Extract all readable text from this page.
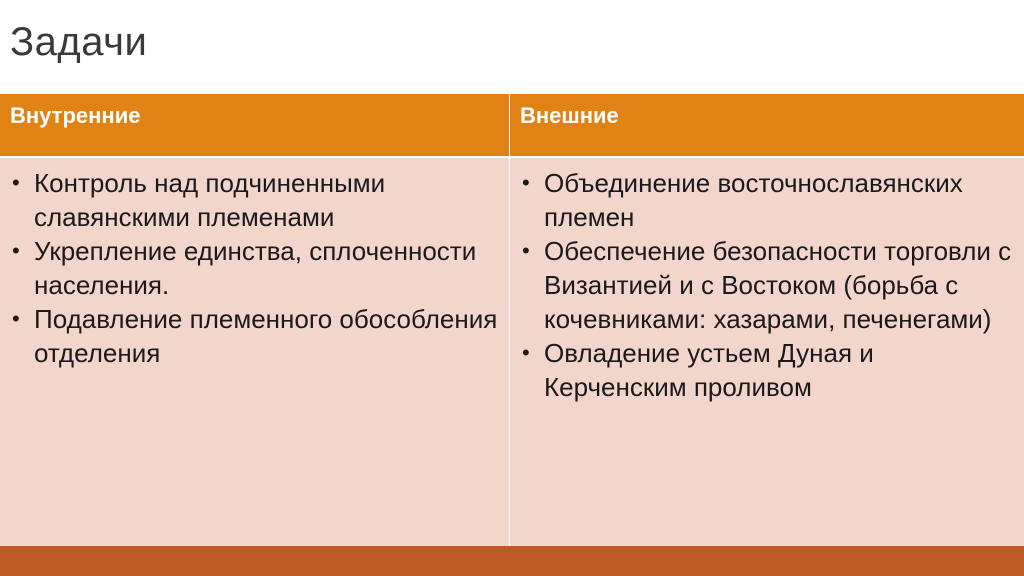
Задачи
Внутренние	Внешние
• Контроль над подчиненными славянскими племенами
• Укрепление единства, сплоченности населения.
• Подавление племенного обособления отделения
• Объединение восточнославянских племен
• Обеспечение безопасности торговли с Византией и с Востоком (борьба с кочевниками: хазарами, печенегами)
• Овладение устьем Дуная и Керченским проливом
